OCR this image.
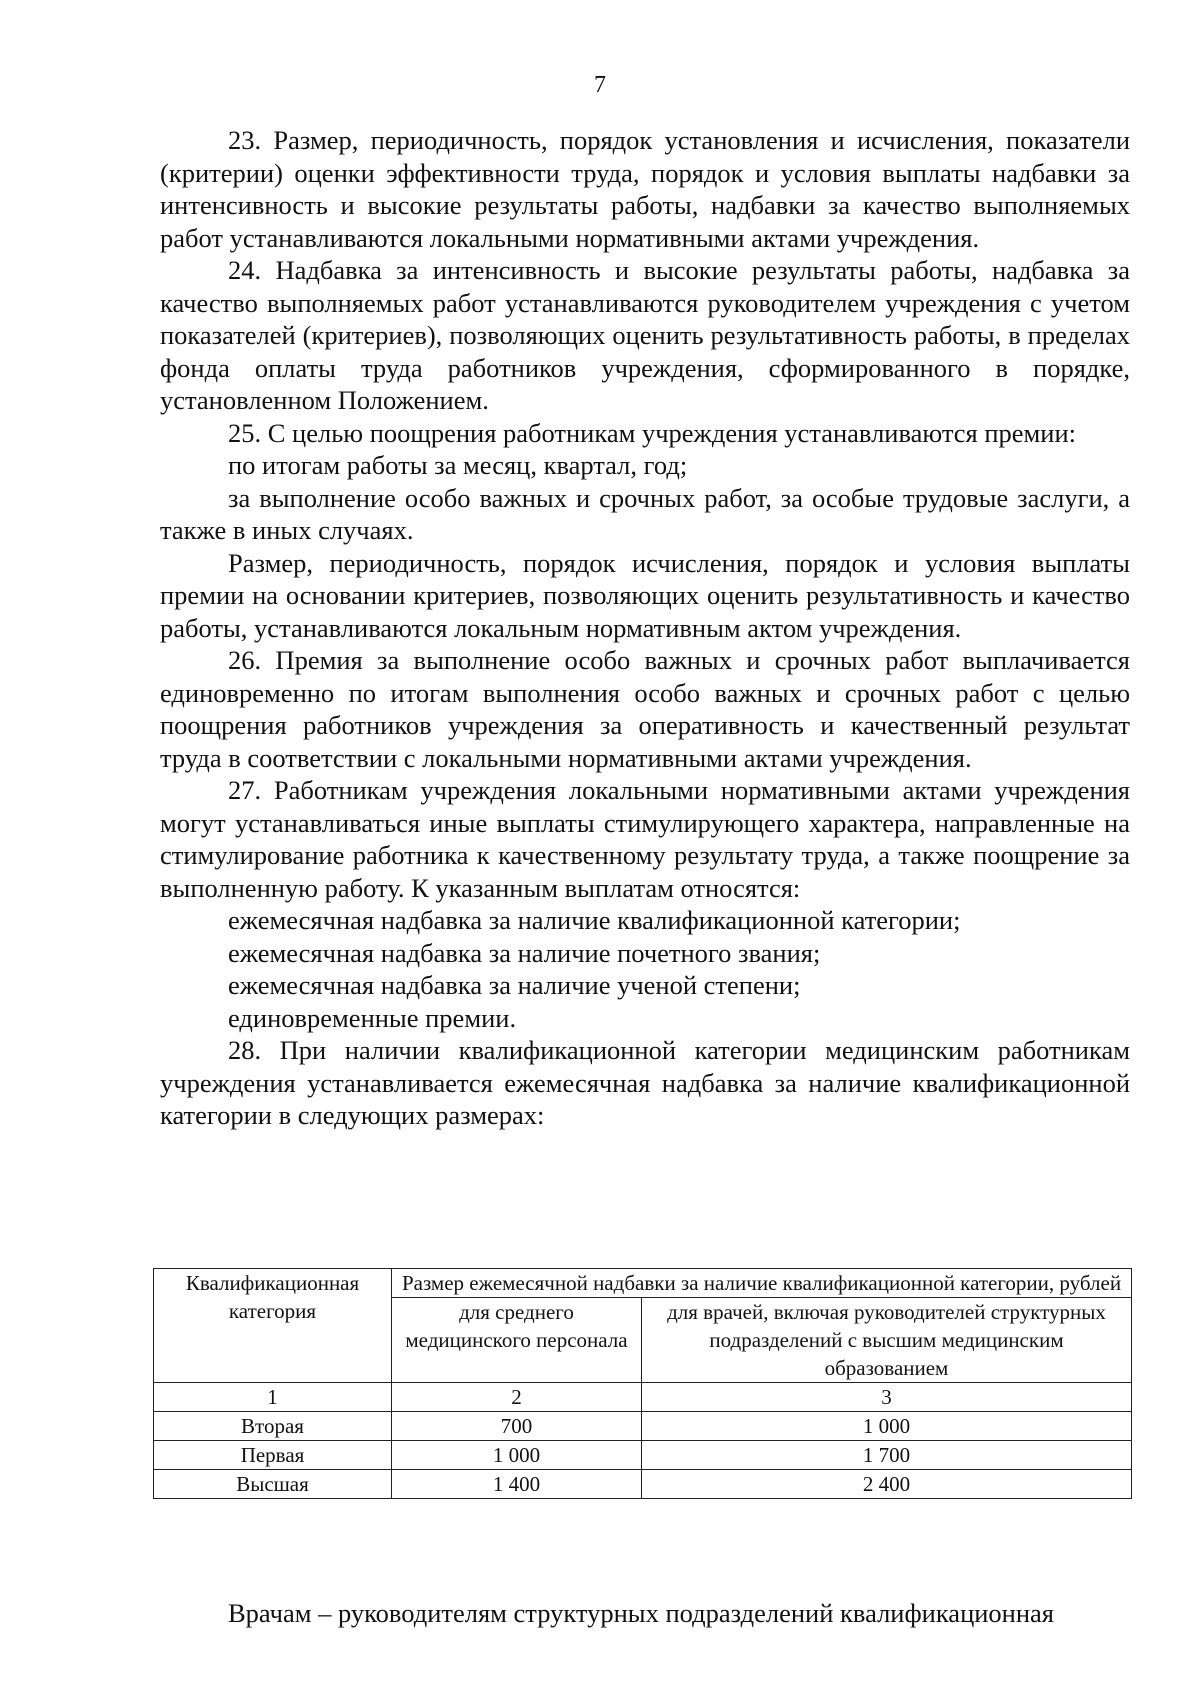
7

23. Размер, периодичность, порядок установления и исчисления, показатели (критерии) оценки эффективности труда, порядок и условия выплаты надбавки за интенсивность и высокие результаты работы, надбавки за качество выполняемых работ устанавливаются локальными нормативными актами учреждения.

24. Надбавка за интенсивность и высокие результаты работы, надбавка за качество выполняемых работ устанавливаются руководителем учреждения с учетом показателей (критериев), позволяющих оценить результативность работы, в пределах фонда оплаты труда работников учреждения, сформированного в порядке, установленном Положением.

25. С целью поощрения работникам учреждения устанавливаются премии:

по итогам работы за месяц, квартал, год;

за выполнение особо важных и срочных работ, за особые трудовые заслуги, а также в иных случаях.

Размер, периодичность, порядок исчисления, порядок и условия выплаты премии на основании критериев, позволяющих оценить результативность и качество работы, устанавливаются локальным нормативным актом учреждения.

26. Премия за выполнение особо важных и срочных работ выплачивается единовременно по итогам выполнения особо важных и срочных работ с целью поощрения работников учреждения за оперативность и качественный результат труда в соответствии с локальными нормативными актами учреждения.

27. Работникам учреждения локальными нормативными актами учреждения могут устанавливаться иные выплаты стимулирующего характера, направленные на стимулирование работника к качественному результату труда, а также поощрение за выполненную работу. К указанным выплатам относятся:

ежемесячная надбавка за наличие квалификационной категории;

ежемесячная надбавка за наличие почетного звания;

ежемесячная надбавка за наличие ученой степени;

единовременные премии.

28. При наличии квалификационной категории медицинским работникам учреждения устанавливается ежемесячная надбавка за наличие квалификационной категории в следующих размерах:

Квалификационная категория	Размер ежемесячной надбавки за наличие квалификационной категории, рублей	
	для среднего медицинского персонала	для врачей, включая руководителей структурных подразделений с высшим медицинским образованием
1	2	3
Вторая	700	1 000
Первая	1 000	1 700
Высшая	1 400	2 400

Врачам – руководителям структурных подразделений квалификационная
